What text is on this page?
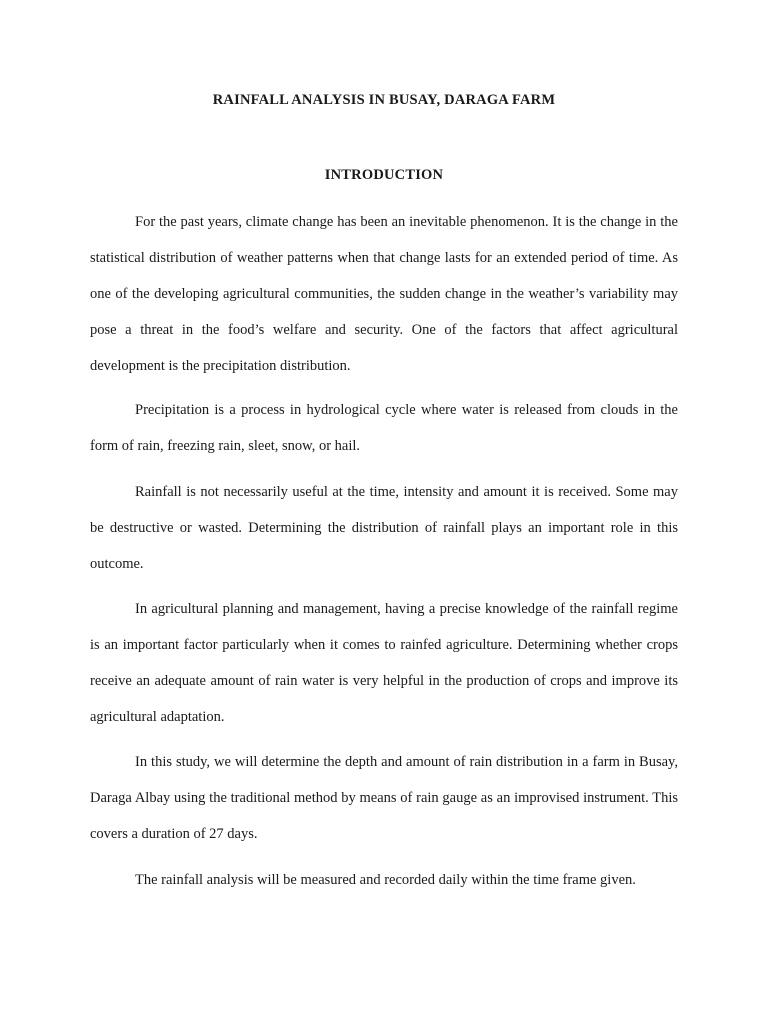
RAINFALL ANALYSIS IN BUSAY, DARAGA FARM
INTRODUCTION

For the past years, climate change has been an inevitable phenomenon. It is the change in the statistical distribution of weather patterns when that change lasts for an extended period of time. As one of the developing agricultural communities, the sudden change in the weather’s variability may pose a threat in the food’s welfare and security. One of the factors that affect agricultural development is the precipitation distribution.

Precipitation is a process in hydrological cycle where water is released from clouds in the form of rain, freezing rain, sleet, snow, or hail.

Rainfall is not necessarily useful at the time, intensity and amount it is received. Some may be destructive or wasted. Determining the distribution of rainfall plays an important role in this outcome.

In agricultural planning and management, having a precise knowledge of the rainfall regime is an important factor particularly when it comes to rainfed agriculture. Determining whether crops receive an adequate amount of rain water is very helpful in the production of crops and improve its agricultural adaptation.

In this study, we will determine the depth and amount of rain distribution in a farm in Busay, Daraga Albay using the traditional method by means of rain gauge as an improvised instrument. This covers a duration of 27 days.

The rainfall analysis will be measured and recorded daily within the time frame given.
